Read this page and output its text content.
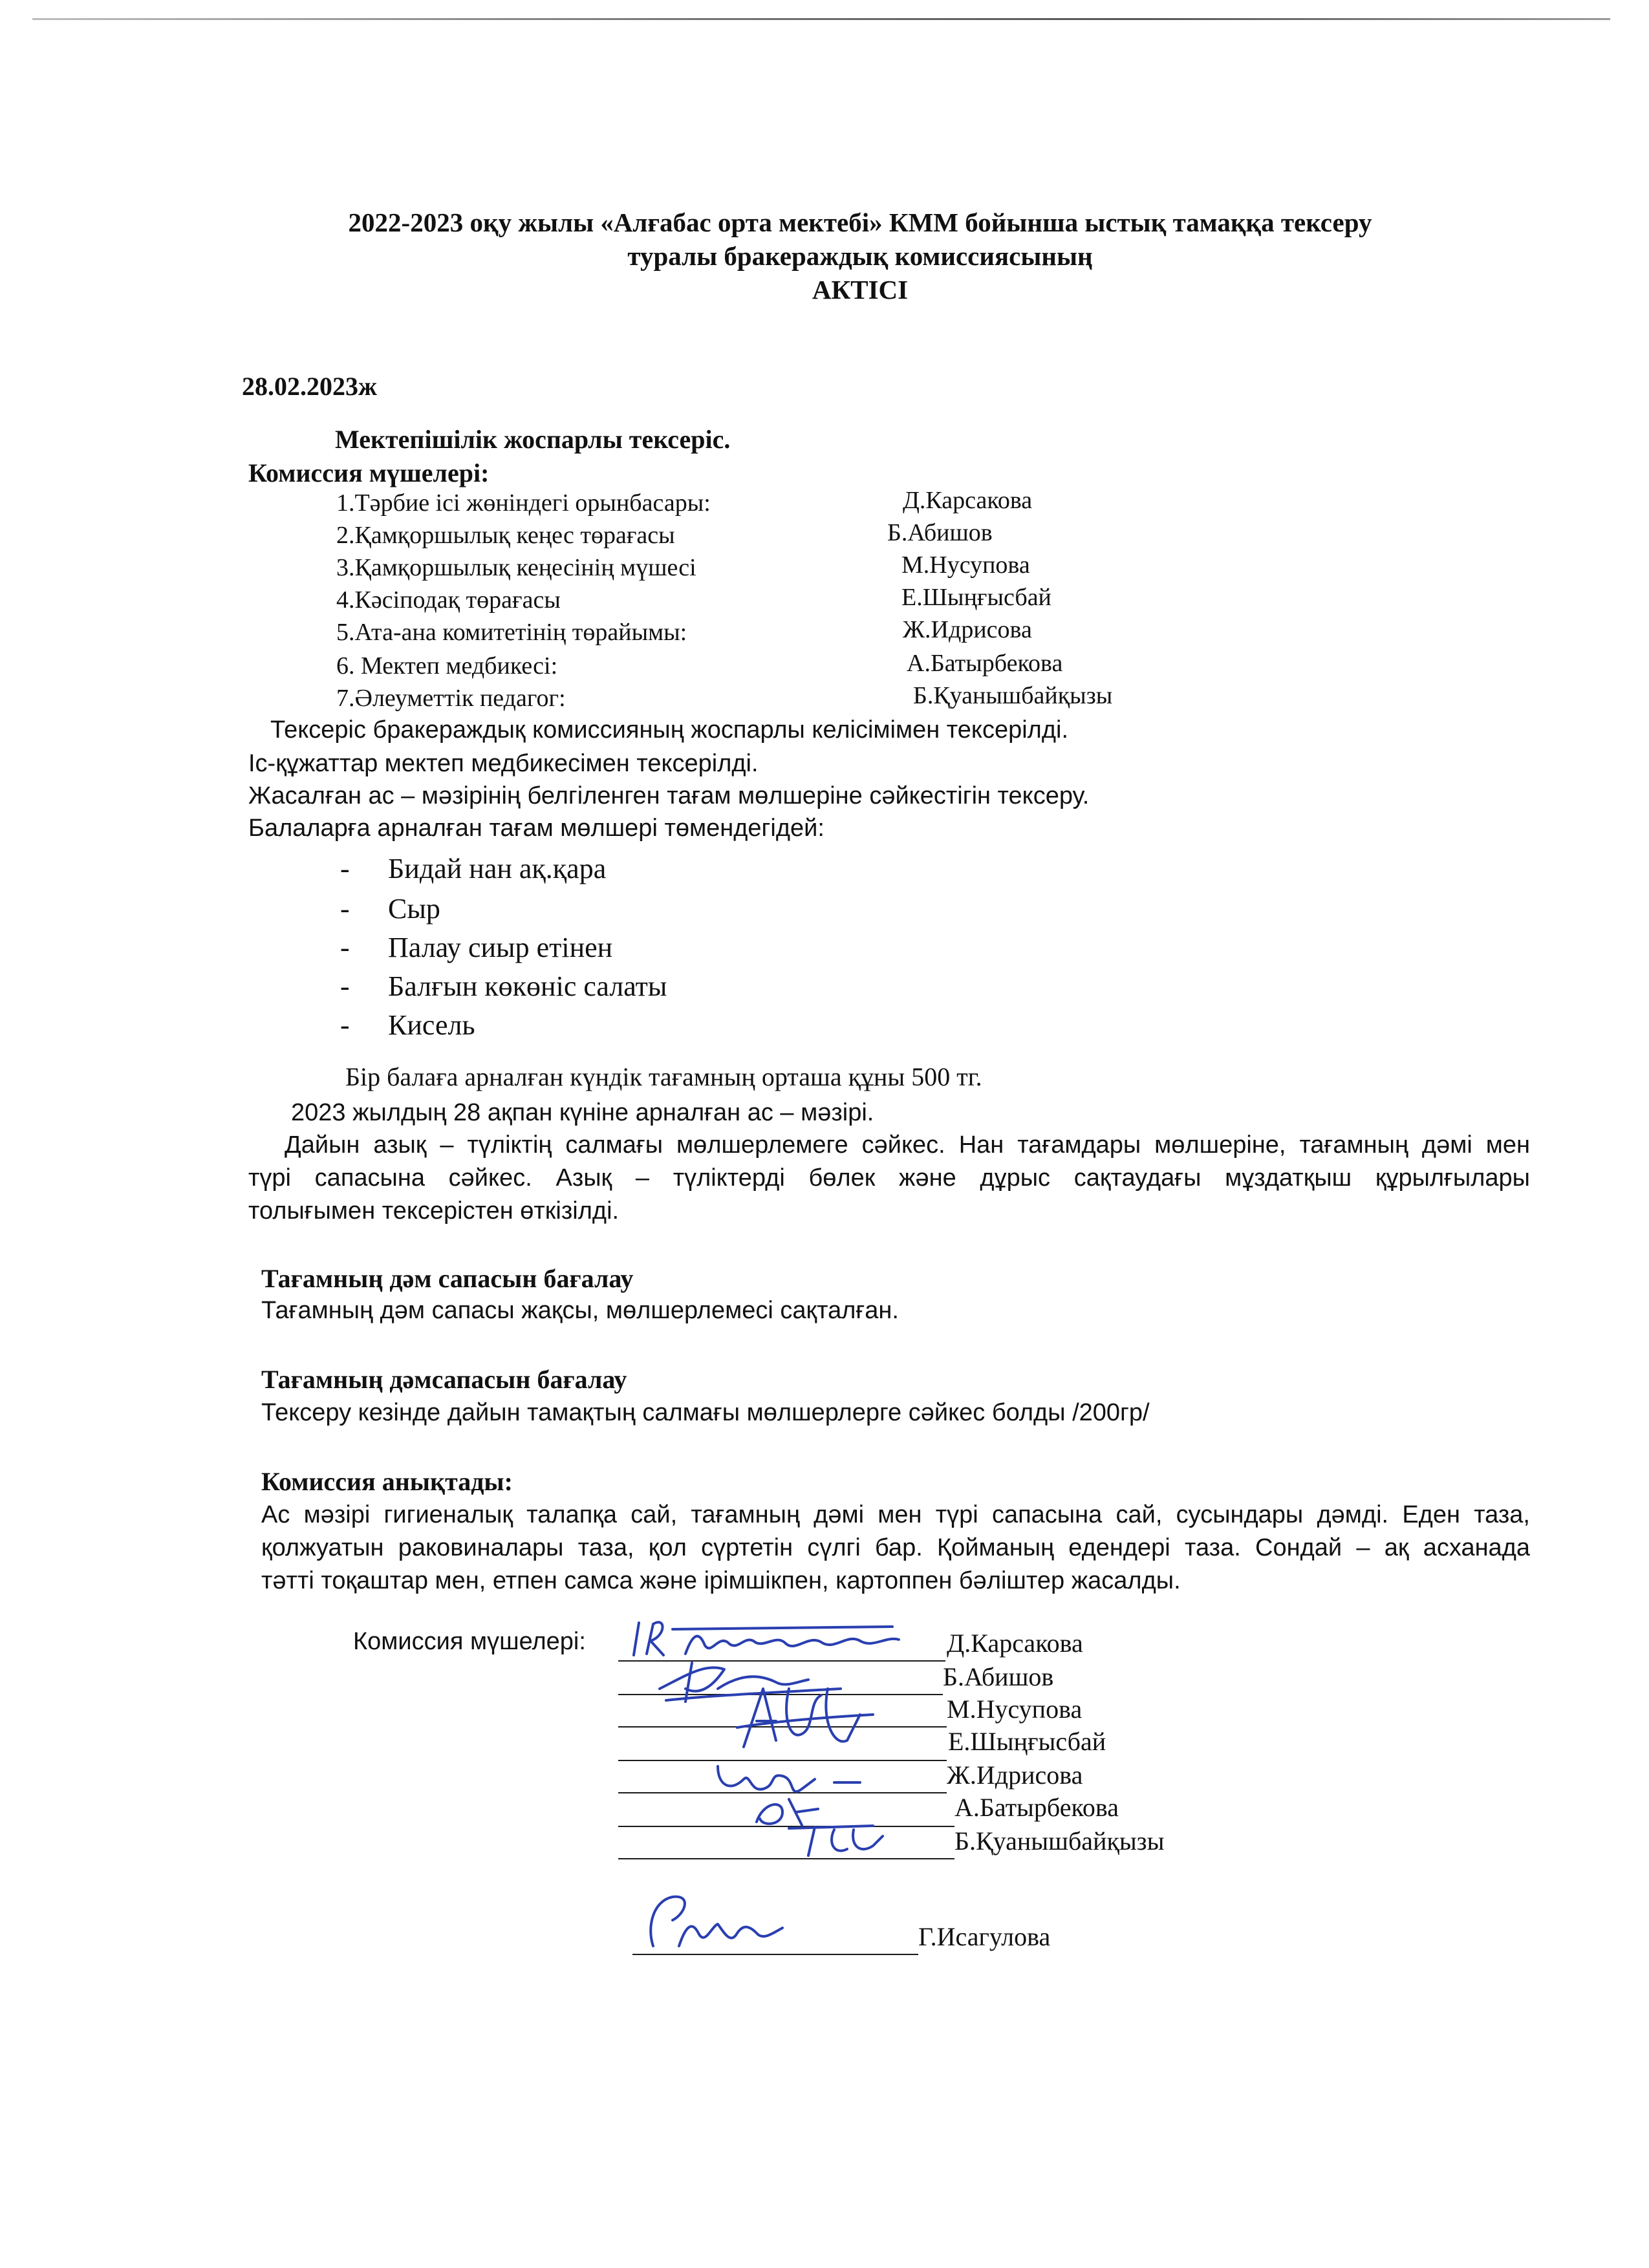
2022-2023 оқу жылы «Алғабас орта мектебі» КММ бойынша ыстық тамаққа тексеру
туралы бракераждық комиссиясының
АКТІСІ
28.02.2023ж
Мектепішілік жоспарлы тексеріс.
Комиссия мүшелері:
1.Тәрбие ісі жөніндегі орынбасары:	Д.Карсакова
2.Қамқоршылық кеңес төрағасы	Б.Абишов
3.Қамқоршылық кеңесінің мүшесі	М.Нусупова
4.Кәсіподақ төрағасы	Е.Шыңғысбай
5.Ата-ана комитетінің төрайымы:	Ж.Идрисова
6. Мектеп медбикесі:	А.Батырбекова
7.Әлеуметтік педагог:	Б.Қуанышбайқызы
Тексеріс бракераждық комиссияның жоспарлы келісімімен тексерілді.
Іс-құжаттар мектеп медбикесімен тексерілді.
Жасалған ас – мәзірінің белгіленген тағам мөлшеріне сәйкестігін тексеру.
Балаларға арналған тағам мөлшері төмендегідей:
- Бидай нан ақ.қара
- Сыр
- Палау сиыр етінен
- Балғын көкөніс салаты
- Кисель
Бір балаға арналған күндік тағамның орташа құны 500 тг.
2023 жылдың 28 ақпан күніне арналған ас – мәзірі.
Дайын азық – түліктің салмағы мөлшерлемеге сәйкес. Нан тағамдары мөлшеріне, тағамның дәмі мен
түрі сапасына сәйкес. Азық – түліктерді бөлек және дұрыс сақтаудағы мұздатқыш құрылғылары
толығымен тексерістен өткізілді.
Тағамның дәм сапасын бағалау
Тағамның дәм сапасы жақсы, мөлшерлемесі сақталған.
Тағамның дәмсапасын бағалау
Тексеру кезінде дайын тамақтың салмағы мөлшерлерге сәйкес болды /200гр/
Комиссия анықтады:
Ас мәзірі гигиеналық талапқа сай, тағамның дәмі мен түрі сапасына сай, сусындары дәмді. Еден таза,
қолжуатын раковиналары таза, қол сүртетін сүлгі бар. Қойманың едендері таза. Сондай – ақ асханада
тәтті тоқаштар мен, етпен самса және ірімшікпен, картоппен бәліштер жасалды.
Комиссия мүшелері:	Д.Карсакова
Б.Абишов
М.Нусупова
Е.Шыңғысбай
Ж.Идрисова
А.Батырбекова
Б.Қуанышбайқызы
Г.Исагулова
